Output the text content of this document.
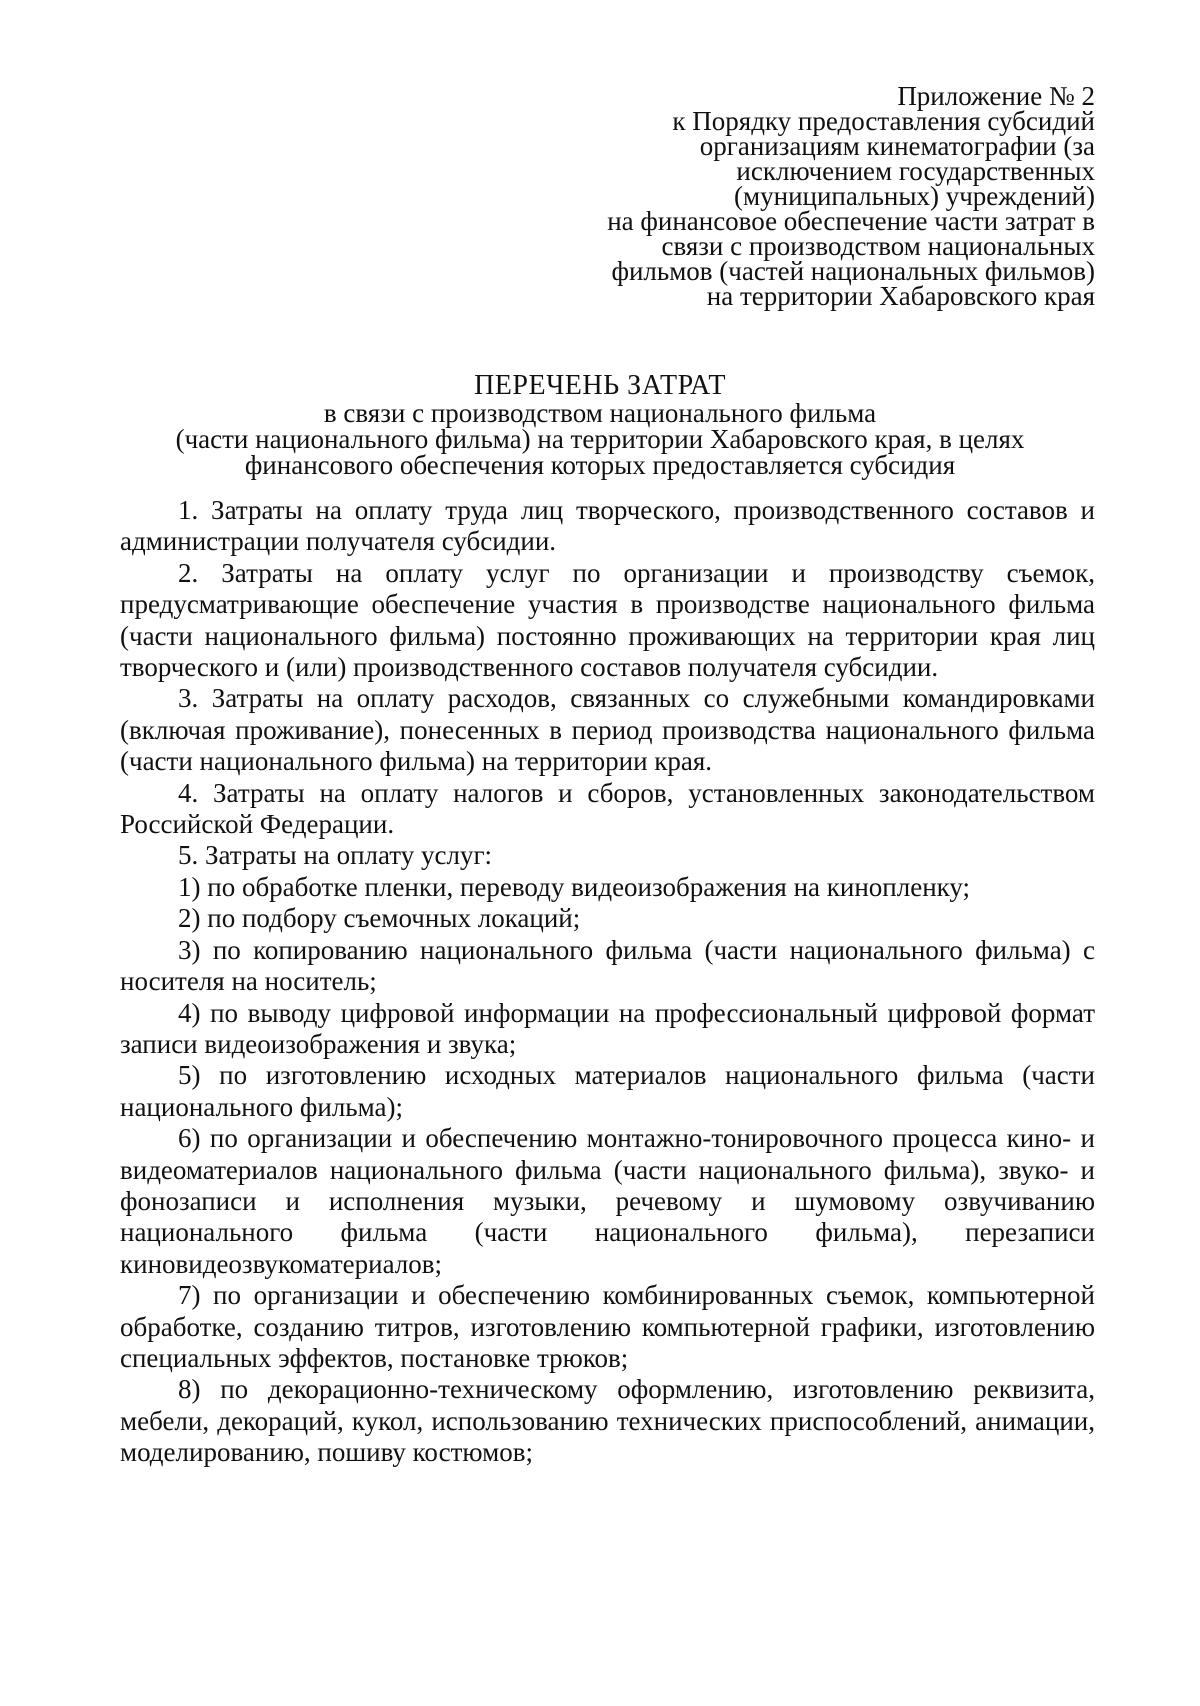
Приложение № 2
к Порядку предоставления субсидий
организациям кинематографии (за
исключением государственных
(муниципальных) учреждений)
на финансовое обеспечение части затрат в
связи с производством национальных
фильмов (частей национальных фильмов)
на территории Хабаровского края
ПЕРЕЧЕНЬ ЗАТРАТ
в связи с производством национального фильма
(части национального фильма) на территории Хабаровского края, в целях
финансового обеспечения которых предоставляется субсидия

1. Затраты на оплату труда лиц творческого, производственного составов и администрации получателя субсидии.

2. Затраты на оплату услуг по организации и производству съемок, предусматривающие обеспечение участия в производстве национального фильма (части национального фильма) постоянно проживающих на территории края лиц творческого и (или) производственного составов получателя субсидии.

3. Затраты на оплату расходов, связанных со служебными командировками (включая проживание), понесенных в период производства национального фильма (части национального фильма) на территории края.

4. Затраты на оплату налогов и сборов, установленных законодательством Российской Федерации.

5. Затраты на оплату услуг:

1) по обработке пленки, переводу видеоизображения на кинопленку;

2) по подбору съемочных локаций;

3) по копированию национального фильма (части национального фильма) с носителя на носитель;

4) по выводу цифровой информации на профессиональный цифровой формат записи видеоизображения и звука;

5) по изготовлению исходных материалов национального фильма (части национального фильма);

6) по организации и обеспечению монтажно-тонировочного процесса кино- и видеоматериалов национального фильма (части национального фильма), звуко- и фонозаписи и исполнения музыки, речевому и шумовому озвучиванию национального фильма (части национального фильма), перезаписи киновидеозвукоматериалов;

7) по организации и обеспечению комбинированных съемок, компьютерной обработке, созданию титров, изготовлению компьютерной графики, изготовлению специальных эффектов, постановке трюков;

8) по декорационно-техническому оформлению, изготовлению реквизита, мебели, декораций, кукол, использованию технических приспособлений, анимации, моделированию, пошиву костюмов;
